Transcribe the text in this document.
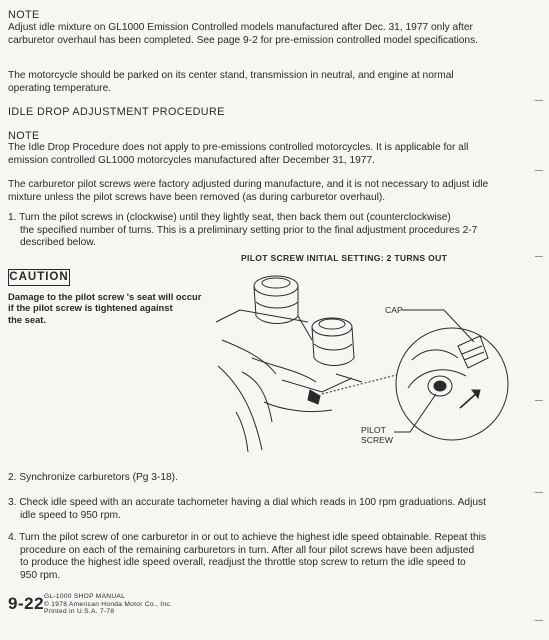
NOTE
Adjust idle mixture on GL1000 Emission Controlled models manufactured after Dec. 31, 1977 only after
carburetor overhaul has been completed. See page 9-2 for pre-emission controlled model specifications.
The motorcycle should be parked on its center stand, transmission in neutral, and engine at normal
operating temperature.
IDLE DROP ADJUSTMENT PROCEDURE
NOTE
The Idle Drop Procedure does not apply to pre-emissions controlled motorcycles. It is applicable for all
emission controlled GL1000 motorcycles manufactured after December 31, 1977.
The carburetor pilot screws were factory adjusted during manufacture, and it is not necessary to adjust idle
mixture unless the pilot screws have been removed (as during carburetor overhaul).
1. Turn the pilot screws in (clockwise) until they lightly seat, then back them out (counterclockwise)
the specified number of turns. This is a preliminary setting prior to the final adjustment procedures 2-7
described below.
PILOT SCREW INITIAL SETTING: 2 TURNS OUT
CAUTION
Damage to the pilot screw 's seat will occur
if the pilot screw is tightened against
the seat.
CAP
PILOT
SCREW
2. Synchronize carburetors (Pg 3-18).
3. Check idle speed with an accurate tachometer having a dial which reads in 100 rpm graduations. Adjust
idle speed to 950 rpm.
4. Turn the pilot screw of one carburetor in or out to achieve the highest idle speed obtainable. Repeat this
procedure on each of the remaining carburetors in turn. After all four pilot screws have been adjusted
to produce the highest idle speed overall, readjust the throttle stop screw to return the idle speed to
950 rpm.
9-22 GL-1000 SHOP MANUAL
© 1978 American Honda Motor Co., Inc.
Printed in U.S.A. 7-78
